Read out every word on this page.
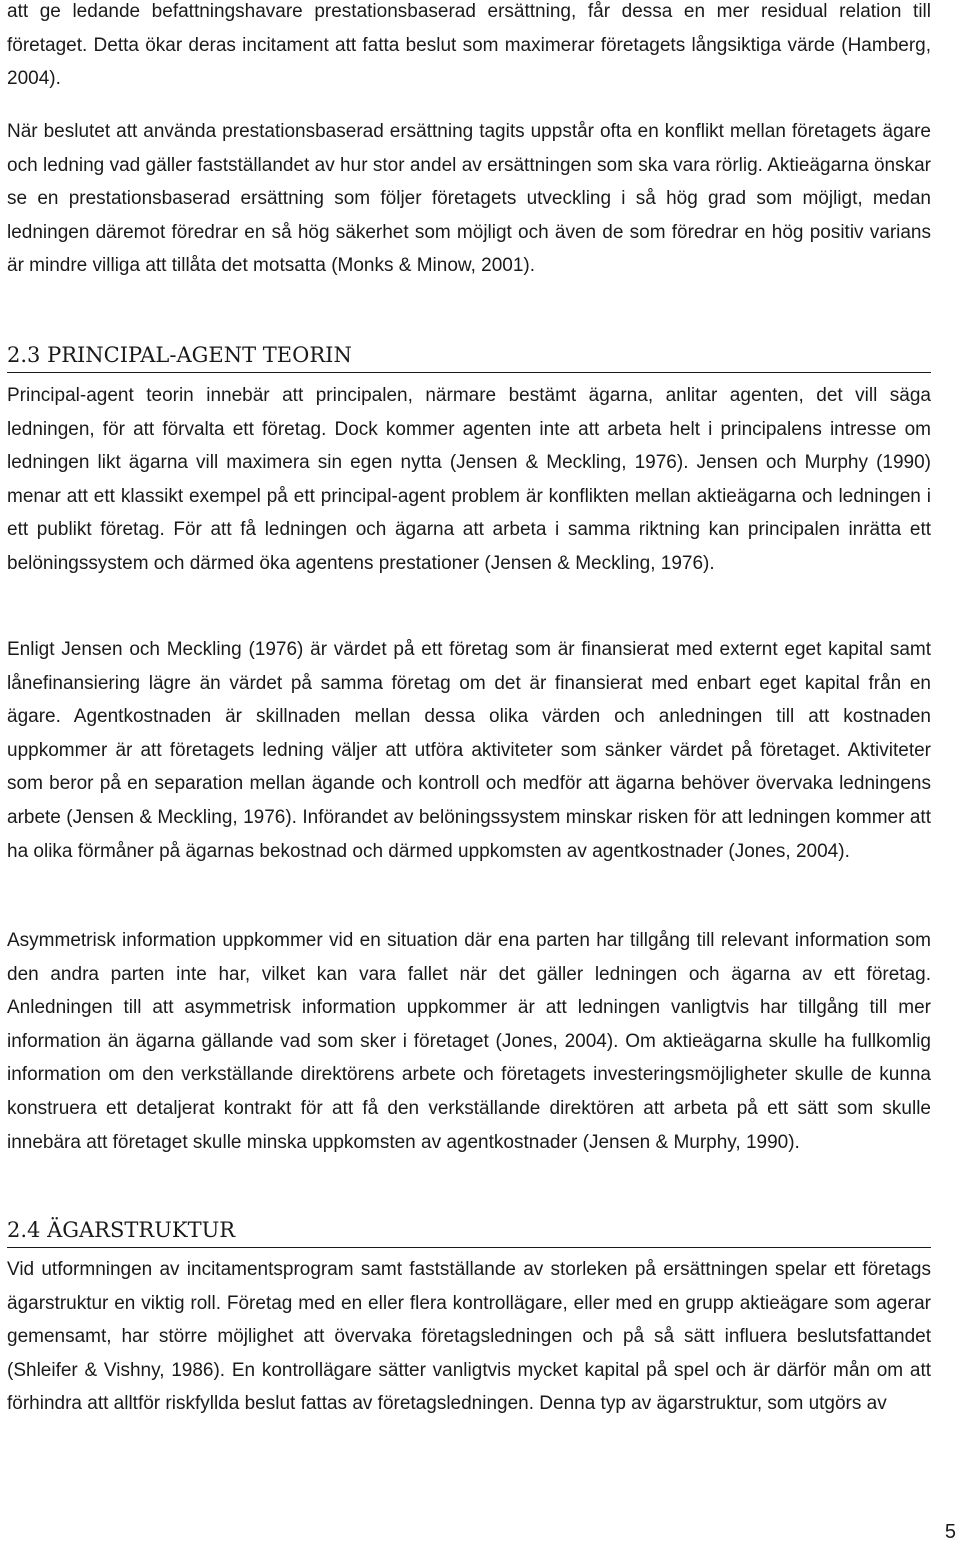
att ge ledande befattningshavare prestationsbaserad ersättning, får dessa en mer residual relation till företaget. Detta ökar deras incitament att fatta beslut som maximerar företagets långsiktiga värde (Hamberg, 2004).

När beslutet att använda prestationsbaserad ersättning tagits uppstår ofta en konflikt mellan företagets ägare och ledning vad gäller fastställandet av hur stor andel av ersättningen som ska vara rörlig. Aktieägarna önskar se en prestationsbaserad ersättning som följer företagets utveckling i så hög grad som möjligt, medan ledningen däremot föredrar en så hög säkerhet som möjligt och även de som föredrar en hög positiv varians är mindre villiga att tillåta det motsatta (Monks & Minow, 2001).

2.3 PRINCIPAL-AGENT TEORIN

Principal-agent teorin innebär att principalen, närmare bestämt ägarna, anlitar agenten, det vill säga ledningen, för att förvalta ett företag. Dock kommer agenten inte att arbeta helt i principalens intresse om ledningen likt ägarna vill maximera sin egen nytta (Jensen & Meckling, 1976). Jensen och Murphy (1990) menar att ett klassikt exempel på ett principal-agent problem är konflikten mellan aktieägarna och ledningen i ett publikt företag. För att få ledningen och ägarna att arbeta i samma riktning kan principalen inrätta ett belöningssystem och därmed öka agentens prestationer (Jensen & Meckling, 1976).

Enligt Jensen och Meckling (1976) är värdet på ett företag som är finansierat med externt eget kapital samt lånefinansiering lägre än värdet på samma företag om det är finansierat med enbart eget kapital från en ägare. Agentkostnaden är skillnaden mellan dessa olika värden och anledningen till att kostnaden uppkommer är att företagets ledning väljer att utföra aktiviteter som sänker värdet på företaget. Aktiviteter som beror på en separation mellan ägande och kontroll och medför att ägarna behöver övervaka ledningens arbete (Jensen & Meckling, 1976). Införandet av belöningssystem minskar risken för att ledningen kommer att ha olika förmåner på ägarnas bekostnad och därmed uppkomsten av agentkostnader (Jones, 2004).

Asymmetrisk information uppkommer vid en situation där ena parten har tillgång till relevant information som den andra parten inte har, vilket kan vara fallet när det gäller ledningen och ägarna av ett företag. Anledningen till att asymmetrisk information uppkommer är att ledningen vanligtvis har tillgång till mer information än ägarna gällande vad som sker i företaget (Jones, 2004). Om aktieägarna skulle ha fullkomlig information om den verkställande direktörens arbete och företagets investeringsmöjligheter skulle de kunna konstruera ett detaljerat kontrakt för att få den verkställande direktören att arbeta på ett sätt som skulle innebära att företaget skulle minska uppkomsten av agentkostnader (Jensen & Murphy, 1990).

2.4 ÄGARSTRUKTUR

Vid utformningen av incitamentsprogram samt fastställande av storleken på ersättningen spelar ett företags ägarstruktur en viktig roll. Företag med en eller flera kontrollägare, eller med en grupp aktieägare som agerar gemensamt, har större möjlighet att övervaka företagsledningen och på så sätt influera beslutsfattandet (Shleifer & Vishny, 1986). En kontrollägare sätter vanligtvis mycket kapital på spel och är därför mån om att förhindra att alltför riskfyllda beslut fattas av företagsledningen. Denna typ av ägarstruktur, som utgörs av

5
